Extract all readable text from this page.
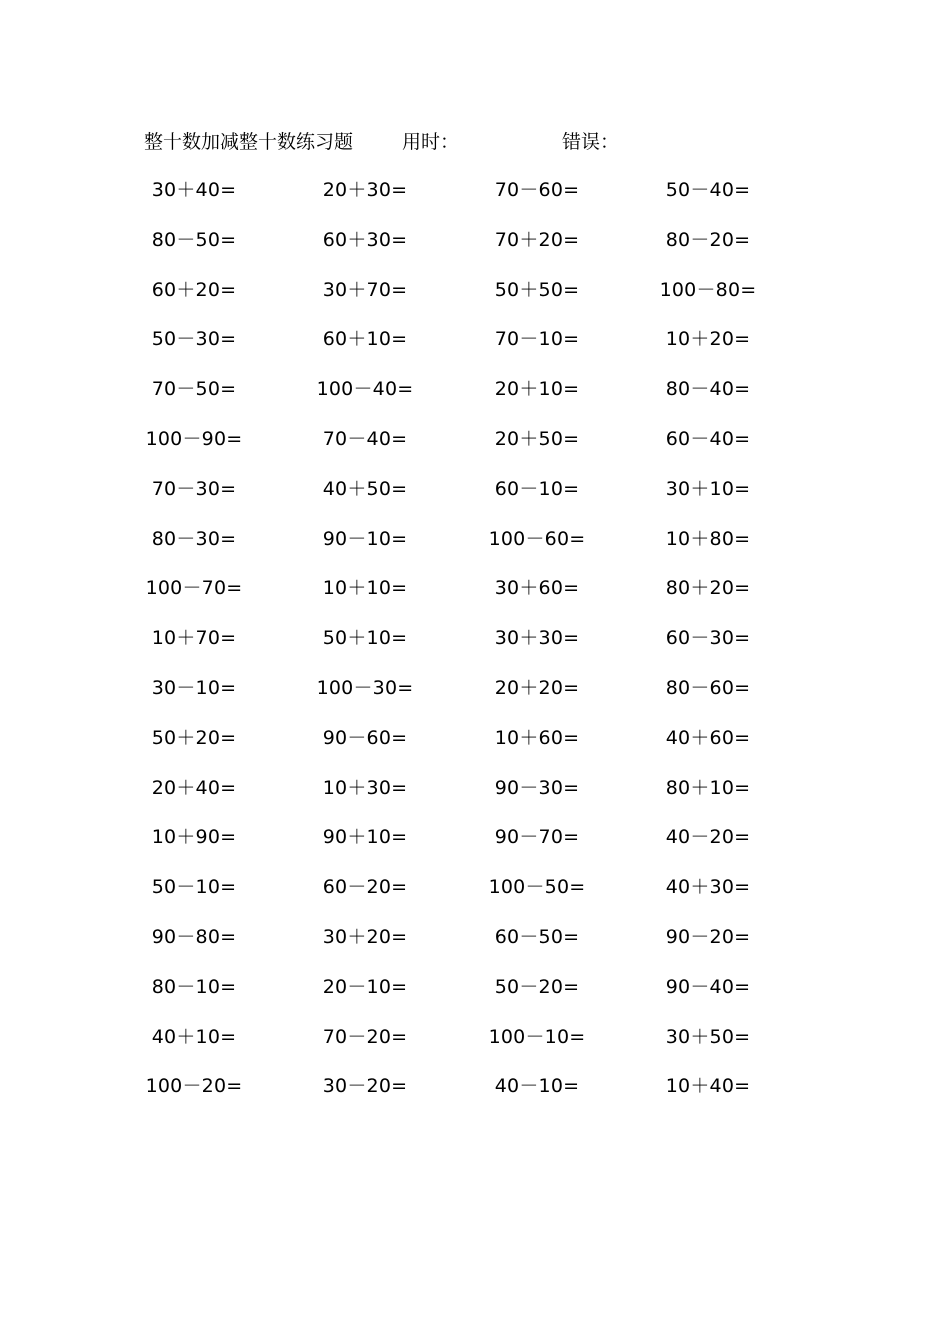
整十数加减整十数练习题	用时：	错误：
30＋40=	20＋30=	70－60=	50－40=
80－50=	60＋30=	70＋20=	80－20=
60＋20=	30＋70=	50＋50=	100－80=
50－30=	60＋10=	70－10=	10＋20=
70－50=	100－40=	20＋10=	80－40=
100－90=	70－40=	20＋50=	60－40=
70－30=	40＋50=	60－10=	30＋10=
80－30=	90－10=	100－60=	10＋80=
100－70=	10＋10=	30＋60=	80＋20=
10＋70=	50＋10=	30＋30=	60－30=
30－10=	100－30=	20＋20=	80－60=
50＋20=	90－60=	10＋60=	40＋60=
20＋40=	10＋30=	90－30=	80＋10=
10＋90=	90＋10=	90－70=	40－20=
50－10=	60－20=	100－50=	40＋30=
90－80=	30＋20=	60－50=	90－20=
80－10=	20－10=	50－20=	90－40=
40＋10=	70－20=	100－10=	30＋50=
100－20=	30－20=	40－10=	10＋40=
